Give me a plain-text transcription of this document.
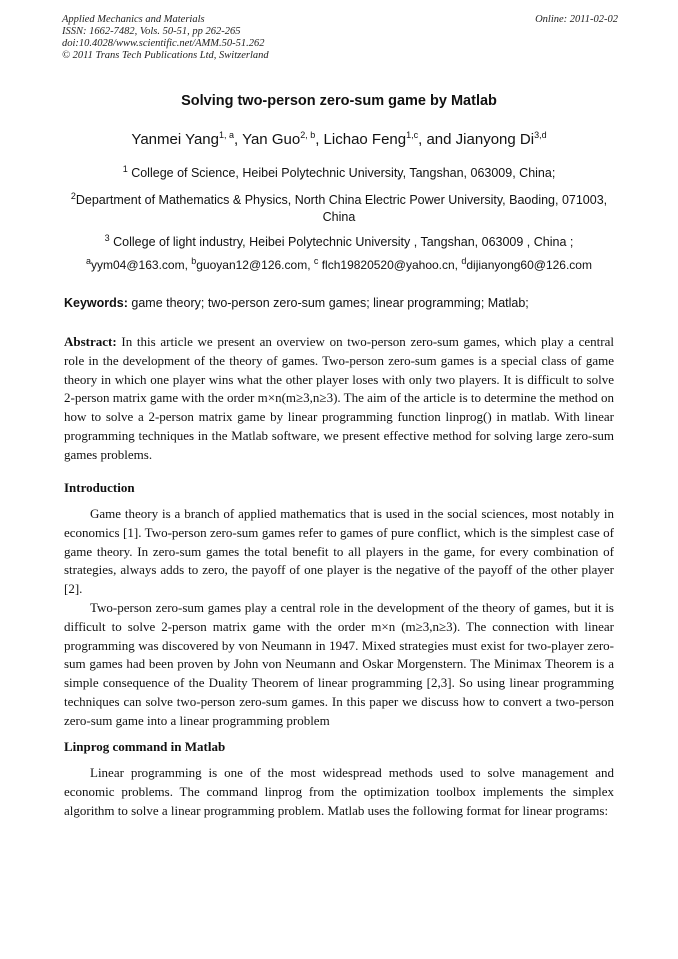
Applied Mechanics and Materials
ISSN: 1662-7482, Vols. 50-51, pp 262-265
doi:10.4028/www.scientific.net/AMM.50-51.262
© 2011 Trans Tech Publications Ltd, Switzerland
Online: 2011-02-02
Solving two-person zero-sum game by Matlab
Yanmei Yang$^{1, a}$, Yan Guo$^{2, b}$, Lichao Feng$^{1,c}$, and Jianyong Di$^{3,d}$
$^1$ College of Science, Heibei Polytechnic University, Tangshan, 063009, China;
$^2$Department of Mathematics & Physics, North China Electric Power University, Baoding, 071003,
China
$^3$ College of light industry, Heibei Polytechnic University , Tangshan, 063009 , China ;
$^a$yym04@163.com, $^b$guoyan12@126.com, $^c$ flch19820520@yahoo.cn, $^d$dijianyong60@126.com
Keywords: game theory; two-person zero-sum games; linear programming; Matlab;
Abstract: In this article we present an overview on two-person zero-sum games, which play a central role in the development of the theory of games. Two-person zero-sum games is a special class of game theory in which one player wins what the other player loses with only two players. It is difficult to solve 2-person matrix game with the order m×n(m≥3,n≥3). The aim of the article is to determine the method on how to solve a 2-person matrix game by linear programming function linprog() in matlab. With linear programming techniques in the Matlab software, we present effective method for solving large zero-sum games problems.
Introduction
Game theory is a branch of applied mathematics that is used in the social sciences, most notably in economics [1]. Two-person zero-sum games refer to games of pure conflict, which is the simplest case of game theory. In zero-sum games the total benefit to all players in the game, for every combination of strategies, always adds to zero, the payoff of one player is the negative of the payoff of the other player [2].
Two-person zero-sum games play a central role in the development of the theory of games, but it is difficult to solve 2-person matrix game with the order m×n (m≥3,n≥3). The connection with linear programming was discovered by von Neumann in 1947. Mixed strategies must exist for two-player zero-sum games had been proven by John von Neumann and Oskar Morgenstern. The Minimax Theorem is a simple consequence of the Duality Theorem of linear programming [2,3]. So using linear programming techniques can solve two-person zero-sum games. In this paper we discuss how to convert a two-person zero-sum game into a linear programming problem
Linprog command in Matlab
Linear programming is one of the most widespread methods used to solve management and economic problems. The command linprog from the optimization toolbox implements the simplex algorithm to solve a linear programming problem. Matlab uses the following format for linear programs:
